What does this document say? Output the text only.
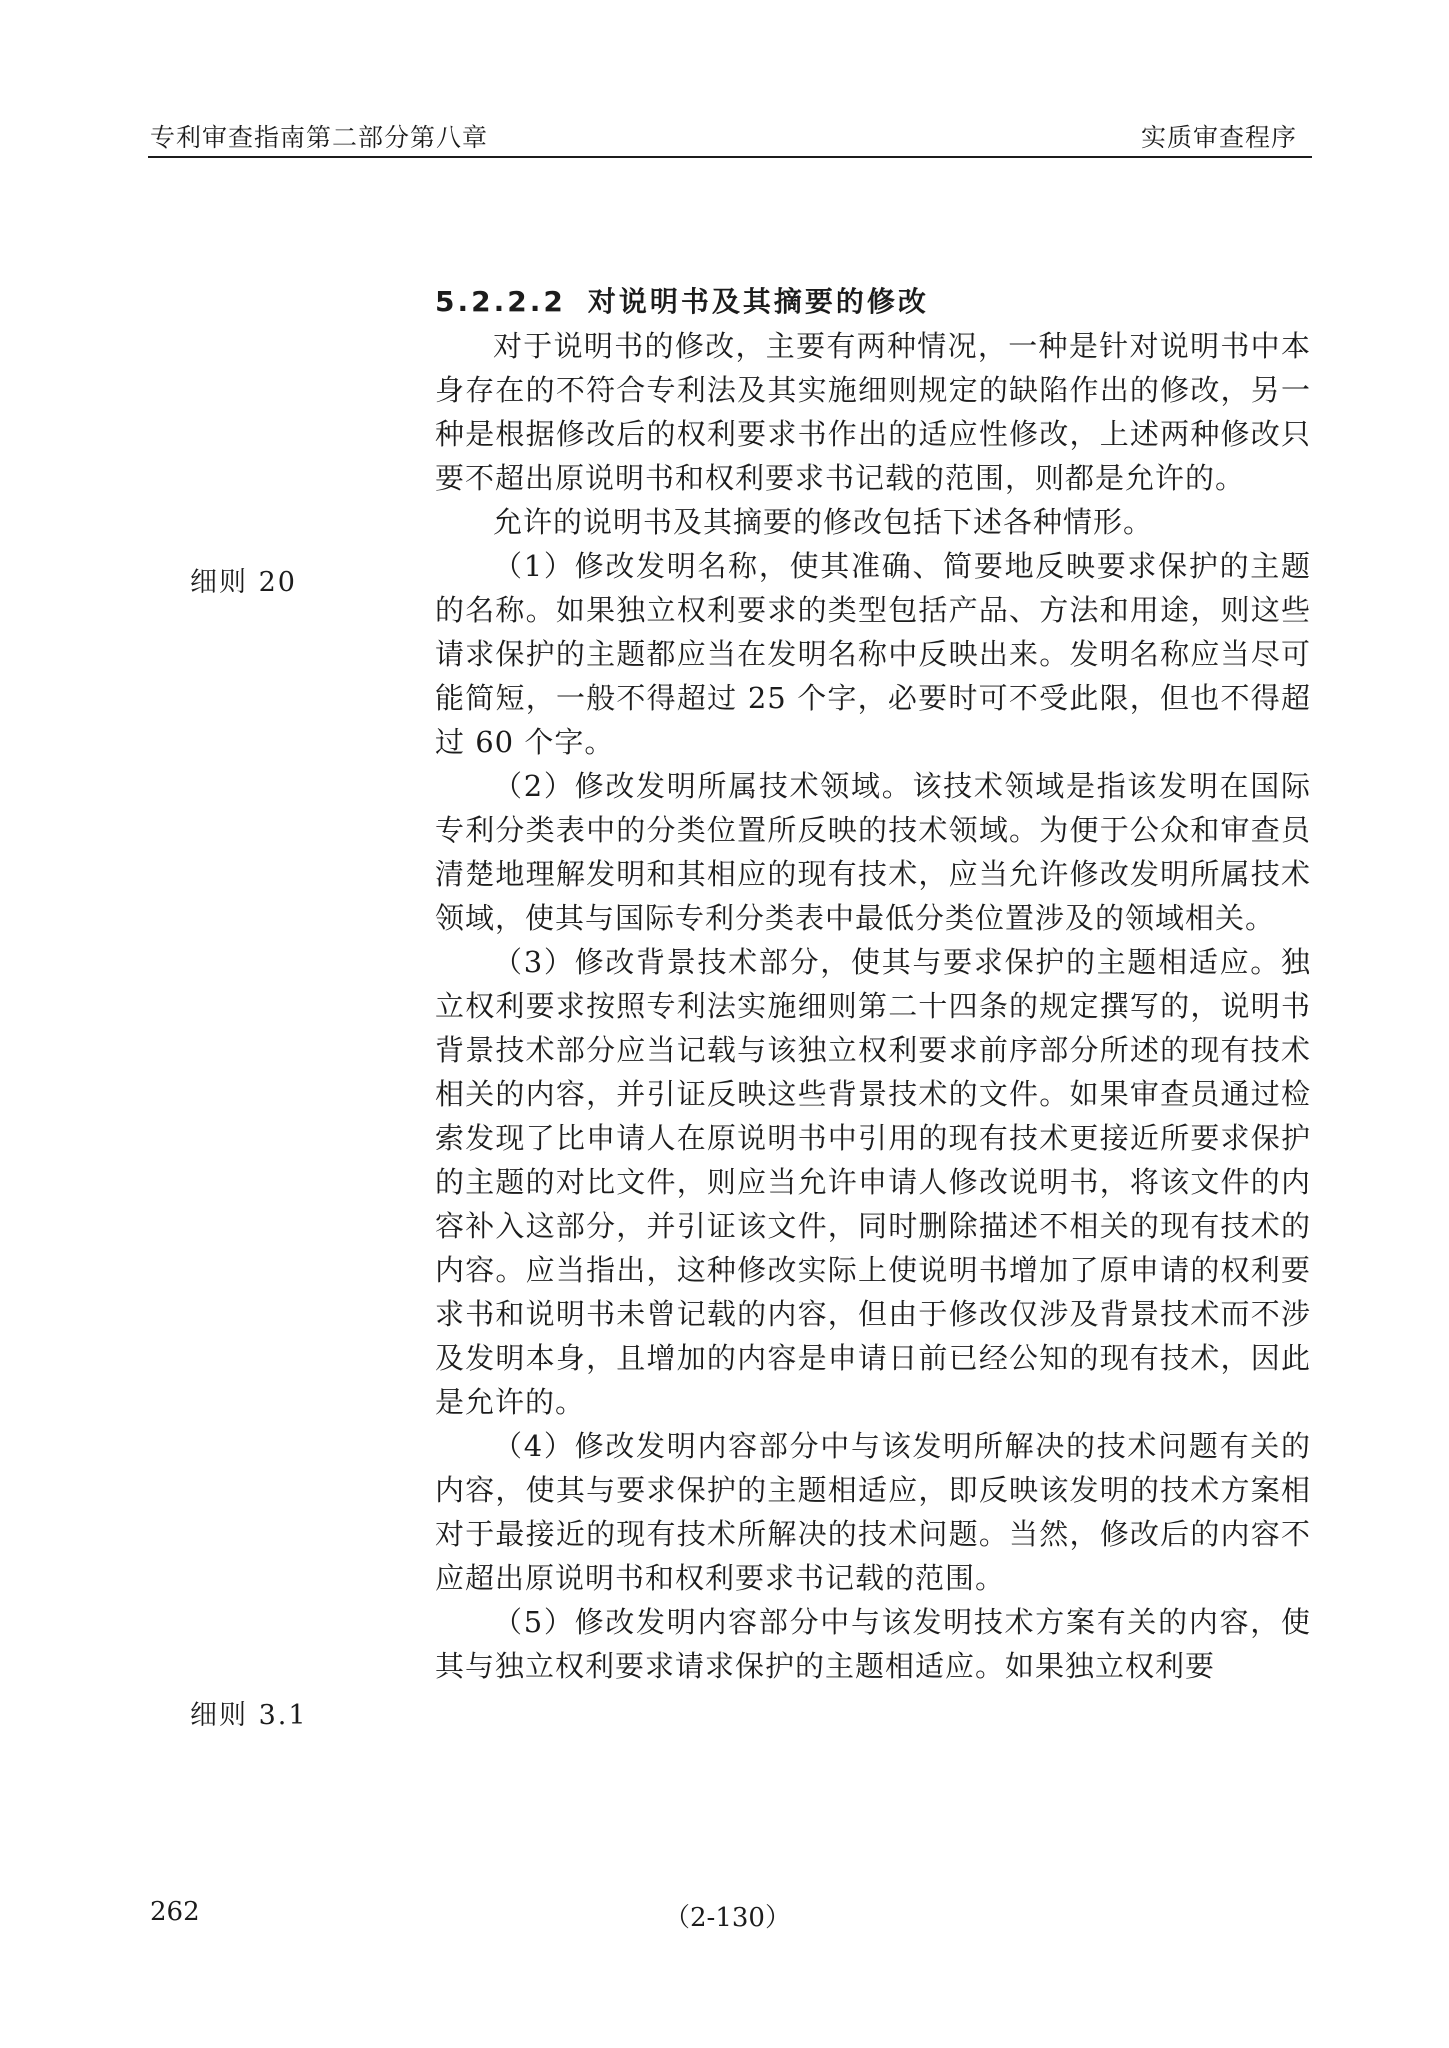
专利审查指南第二部分第八章	实质审查程序
细则 20
细则 3.1
5.2.2.2 对说明书及其摘要的修改

对于说明书的修改，主要有两种情况，一种是针对说明书中本身存在的不符合专利法及其实施细则规定的缺陷作出的修改，另一种是根据修改后的权利要求书作出的适应性修改，上述两种修改只要不超出原说明书和权利要求书记载的范围，则都是允许的。

允许的说明书及其摘要的修改包括下述各种情形。

（1）修改发明名称，使其准确、简要地反映要求保护的主题的名称。如果独立权利要求的类型包括产品、方法和用途，则这些请求保护的主题都应当在发明名称中反映出来。发明名称应当尽可能简短，一般不得超过 25 个字，必要时可不受此限，但也不得超过 60 个字。

（2）修改发明所属技术领域。该技术领域是指该发明在国际专利分类表中的分类位置所反映的技术领域。为便于公众和审查员清楚地理解发明和其相应的现有技术，应当允许修改发明所属技术领域，使其与国际专利分类表中最低分类位置涉及的领域相关。

（3）修改背景技术部分，使其与要求保护的主题相适应。独立权利要求按照专利法实施细则第二十四条的规定撰写的，说明书背景技术部分应当记载与该独立权利要求前序部分所述的现有技术相关的内容，并引证反映这些背景技术的文件。如果审查员通过检索发现了比申请人在原说明书中引用的现有技术更接近所要求保护的主题的对比文件，则应当允许申请人修改说明书，将该文件的内容补入这部分，并引证该文件，同时删除描述不相关的现有技术的内容。应当指出，这种修改实际上使说明书增加了原申请的权利要求书和说明书未曾记载的内容，但由于修改仅涉及背景技术而不涉及发明本身，且增加的内容是申请日前已经公知的现有技术，因此是允许的。

（4）修改发明内容部分中与该发明所解决的技术问题有关的内容，使其与要求保护的主题相适应，即反映该发明的技术方案相对于最接近的现有技术所解决的技术问题。当然，修改后的内容不应超出原说明书和权利要求书记载的范围。

（5）修改发明内容部分中与该发明技术方案有关的内容，使其与独立权利要求请求保护的主题相适应。如果独立权利要

262	（2-130）
